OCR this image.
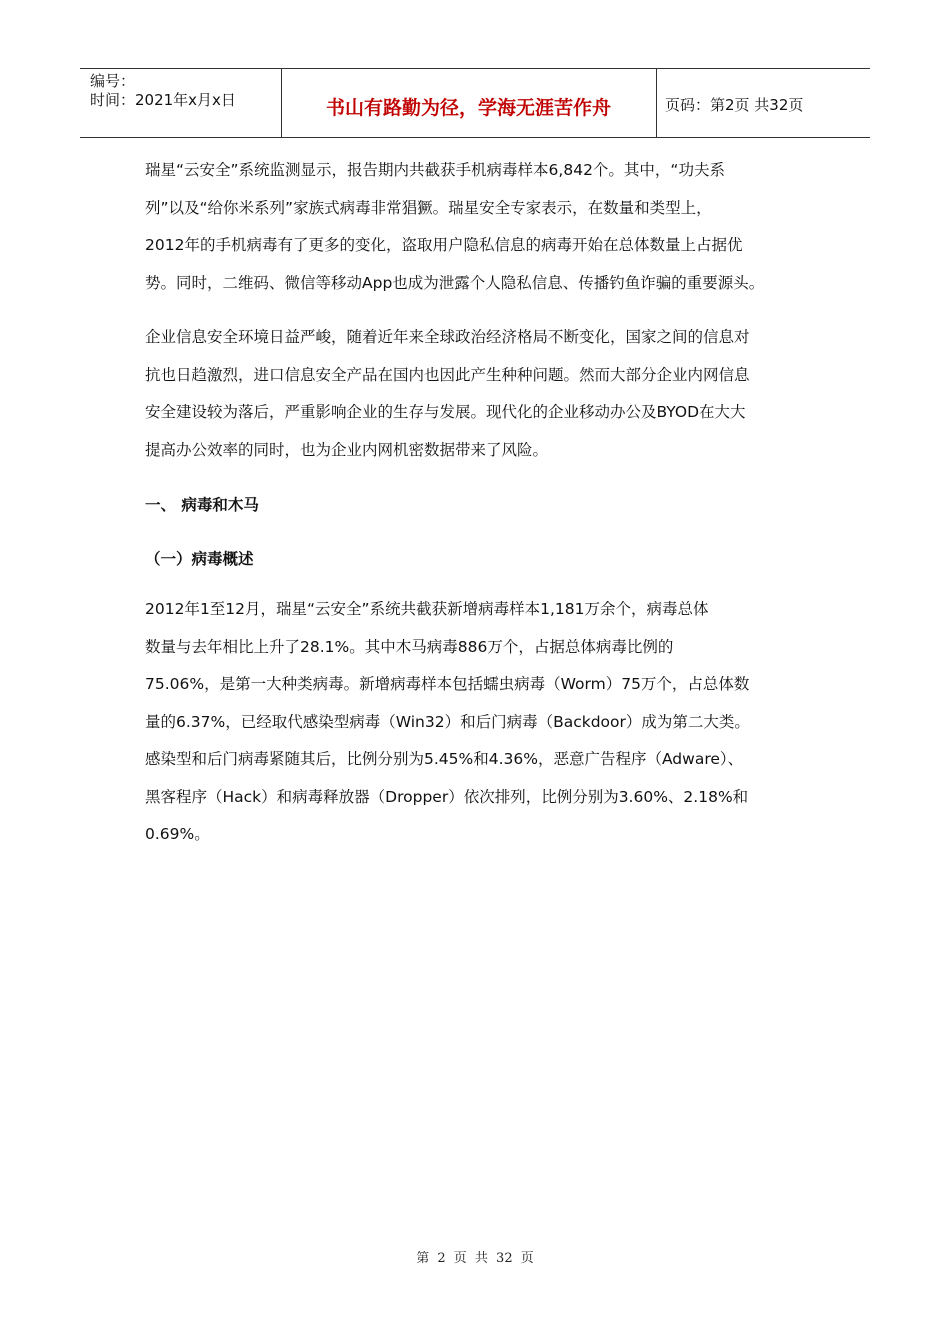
编号：
时间：2021年x月x日	书山有路勤为径，学海无涯苦作舟	页码：第2页 共32页

瑞星“云安全”系统监测显示，报告期内共截获手机病毒样本6,842个。其中，“功夫系

列”以及“给你米系列”家族式病毒非常猖獗。瑞星安全专家表示，在数量和类型上，

2012年的手机病毒有了更多的变化，盗取用户隐私信息的病毒开始在总体数量上占据优

势。同时，二维码、微信等移动App也成为泄露个人隐私信息、传播钓鱼诈骗的重要源头。

企业信息安全环境日益严峻，随着近年来全球政治经济格局不断变化，国家之间的信息对

抗也日趋激烈，进口信息安全产品在国内也因此产生种种问题。然而大部分企业内网信息

安全建设较为落后，严重影响企业的生存与发展。现代化的企业移动办公及BYOD在大大

提高办公效率的同时，也为企业内网机密数据带来了风险。

一、 病毒和木马
（一）病毒概述

2012年1至12月，瑞星“云安全”系统共截获新增病毒样本1,181万余个，病毒总体

数量与去年相比上升了28.1%。其中木马病毒886万个，占据总体病毒比例的

75.06%，是第一大种类病毒。新增病毒样本包括蠕虫病毒（Worm）75万个，占总体数

量的6.37%，已经取代感染型病毒（Win32）和后门病毒（Backdoor）成为第二大类。

感染型和后门病毒紧随其后，比例分别为5.45%和4.36%，恶意广告程序（Adware）、

黑客程序（Hack）和病毒释放器（Dropper）依次排列，比例分别为3.60%、2.18%和

0.69%。

第 2 页 共 32 页
